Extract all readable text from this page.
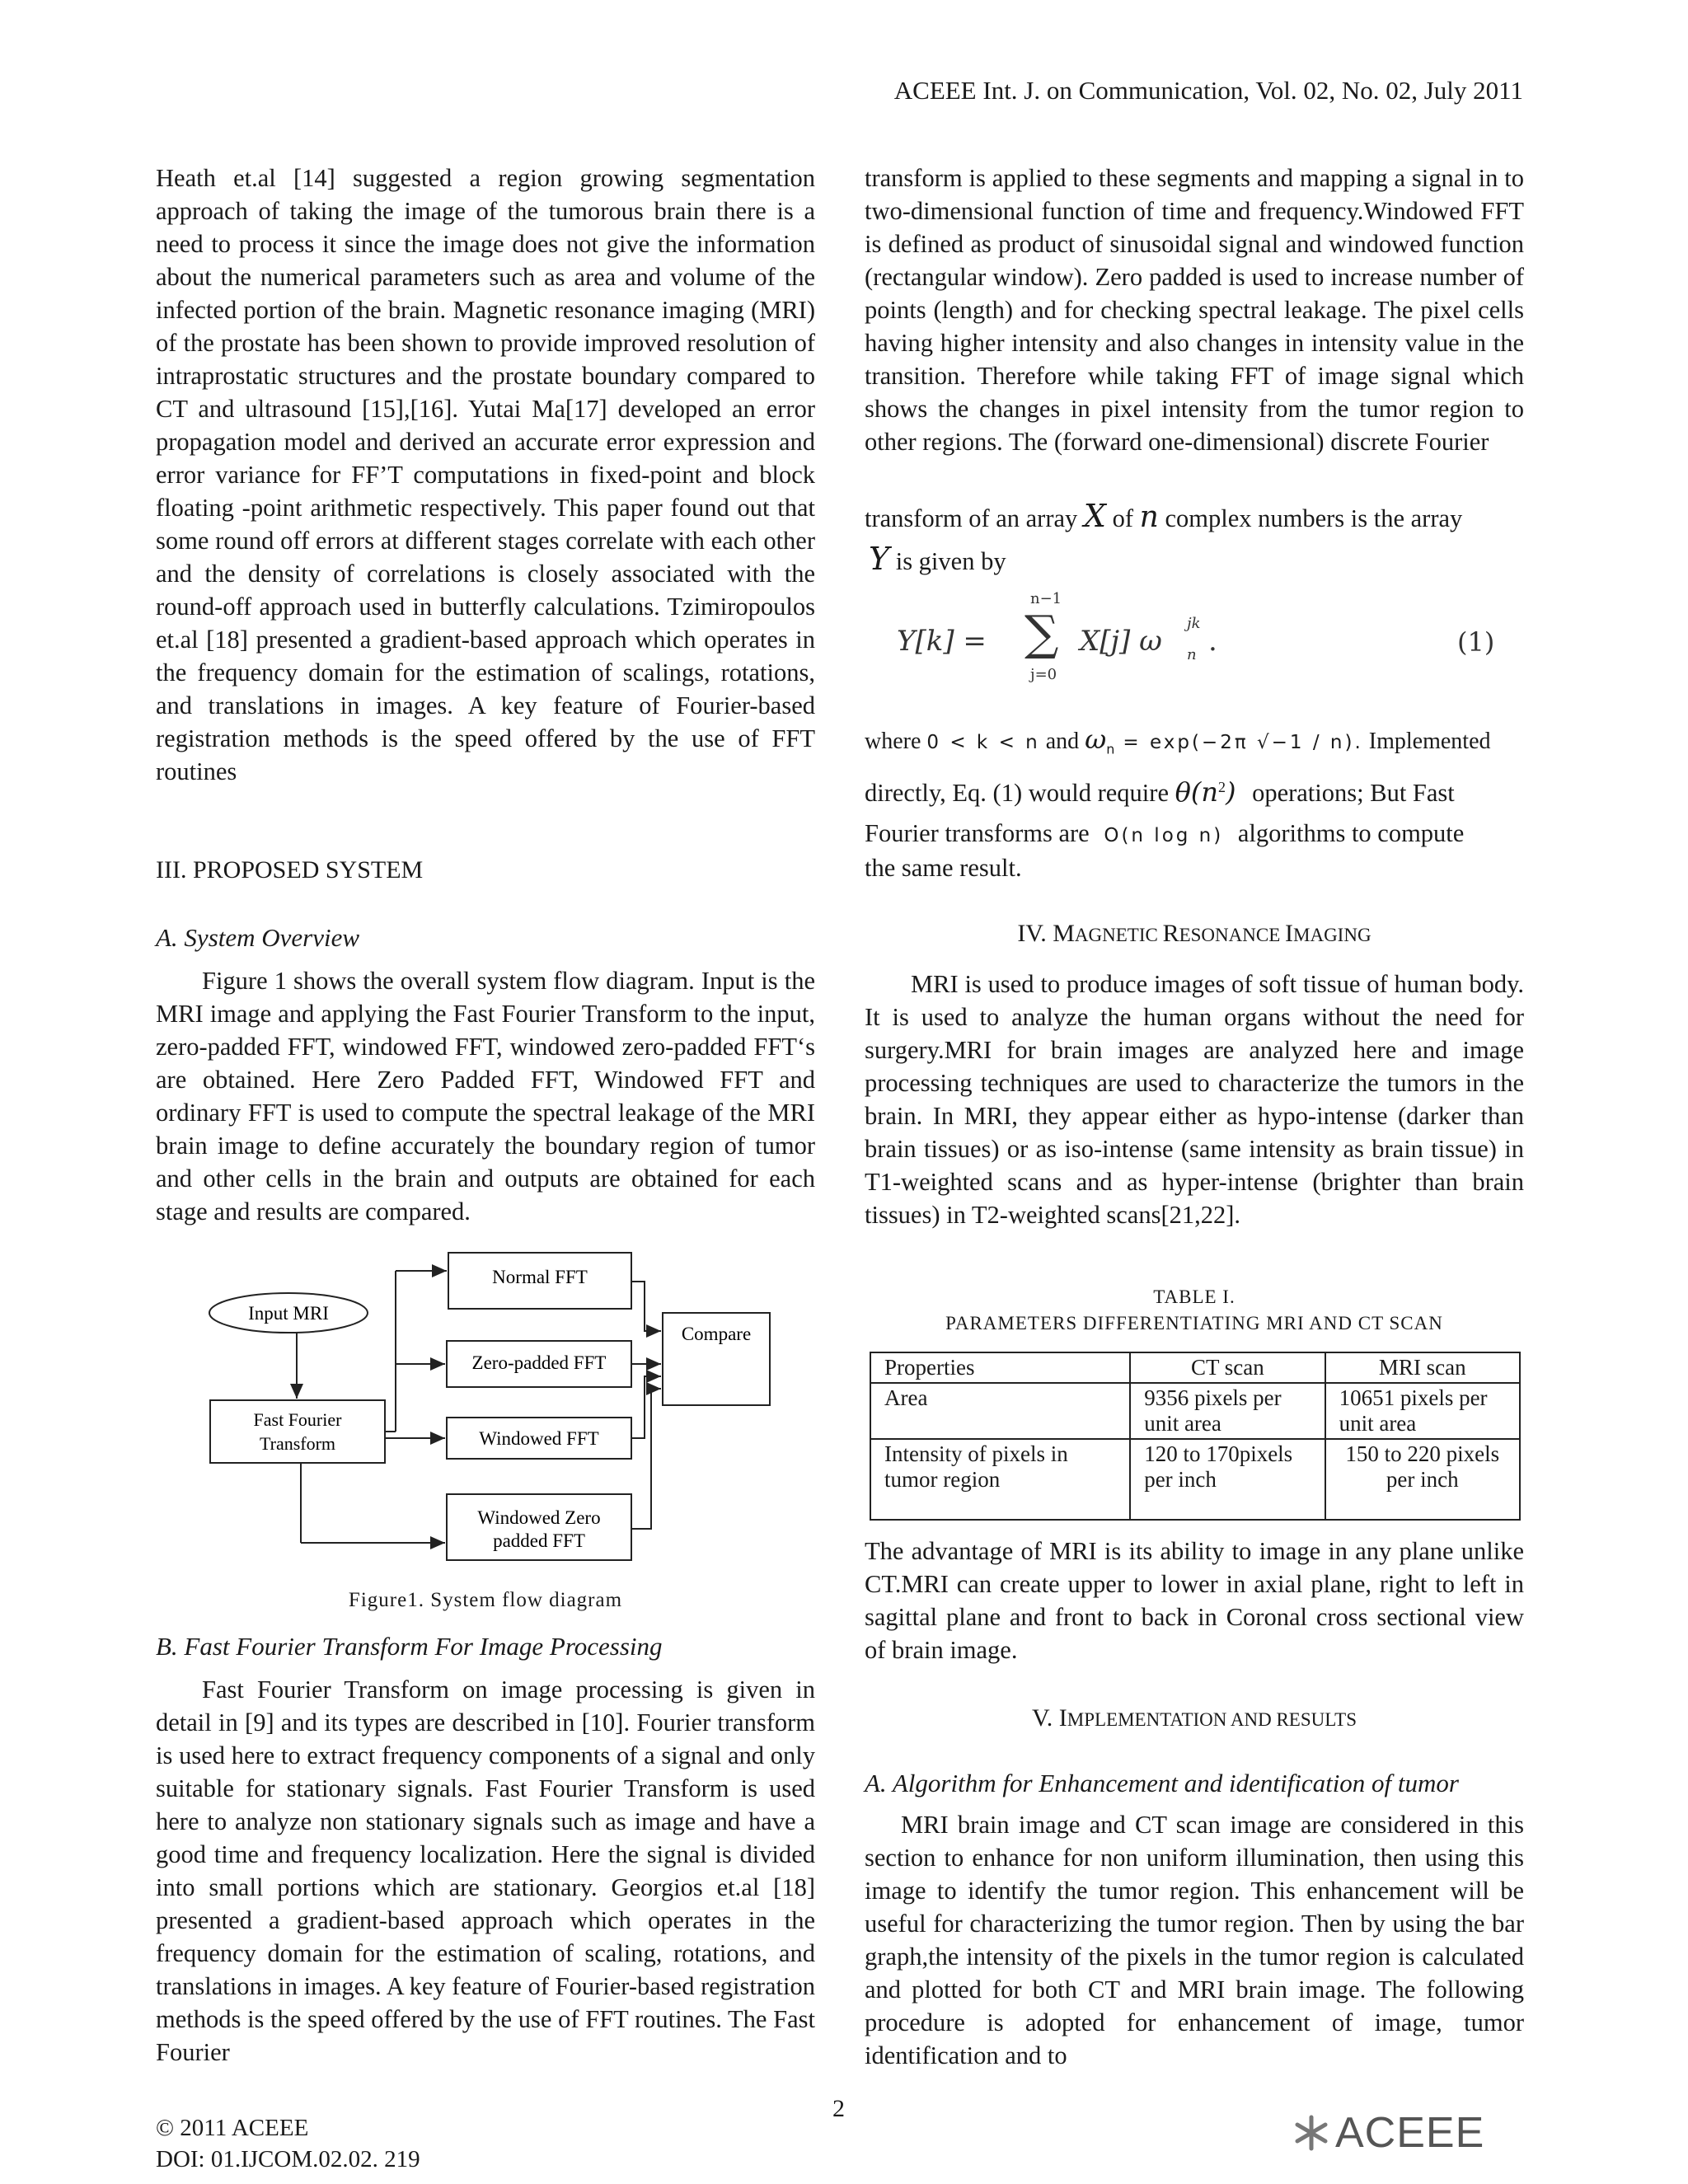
ACEEE Int. J. on Communication, Vol. 02, No. 02, July 2011

Heath et.al [14] suggested a region growing segmentation approach of taking the image of the tumorous brain there is a need to process it since the image does not give the information about the numerical parameters such as area and volume of the infected portion of the brain. Magnetic resonance imaging (MRI) of the prostate has been shown to provide improved resolution of intraprostatic structures and the prostate boundary compared to CT and ultrasound [15],[16]. Yutai Ma[17] developed an error propagation model and derived an accurate error expression and error variance for FF’T computations in fixed-point and block floating -point arithmetic respectively. This paper found out that some round off errors at different stages correlate with each other and the density of correlations is closely associated with the round-off approach used in butterfly calculations. Tzimiropoulos et.al [18] presented a gradient-based approach which operates in the frequency domain for the estimation of scalings, rotations, and translations in images. A key feature of Fourier-based registration methods is the speed offered by the use of FFT routines

III. PROPOSED SYSTEM

A. System Overview

Figure 1 shows the overall system flow diagram. Input is the MRI image and applying the Fast Fourier Transform to the input, zero-padded FFT, windowed FFT, windowed zero-padded FFT‘s are obtained. Here Zero Padded FFT, Windowed FFT and ordinary FFT is used to compute the spectral leakage of the MRI brain image to define accurately the boundary region of tumor and other cells in the brain and outputs are obtained for each stage and results are compared.

Input MRI
Fast Fourier
Transform
Normal FFT
Zero-padded FFT
Windowed FFT
Windowed Zero
padded FFT
Compare
Figure1. System flow diagram

B. Fast Fourier Transform For Image Processing

Fast Fourier Transform on image processing is given in detail in [9] and its types are described in [10]. Fourier transform is used here to extract frequency components of a signal and only suitable for stationary signals. Fast Fourier Transform is used here to analyze non stationary signals such as image and have a good time and frequency localization. Here the signal is divided into small portions which are stationary. Georgios et.al [18] presented a gradient-based approach which operates in the frequency domain for the estimation of scaling, rotations, and translations in images. A key feature of Fourier-based registration methods is the speed offered by the use of FFT routines. The Fast Fourier

transform is applied to these segments and mapping a signal in to two-dimensional function of time and frequency.Windowed FFT is defined as product of sinusoidal signal and windowed function (rectangular window). Zero padded is used to increase number of points (length) and for checking spectral leakage. The pixel cells having higher intensity and also changes in intensity value in the transition. Therefore while taking FFT of image signal which shows the changes in pixel intensity from the tumor region to other regions. The (forward one-dimensional) discrete Fourier

transform of an array X of n complex numbers is the array
Y is given by
Y[k] =
n−1
∑
j=0
X[j] ω
jk
n .	(1)
where 0 < k < n and $\omega_n = \exp(-2\pi$ √−1 / n). Implemented
directly, Eq. (1) would require $\theta(n^2)$ operations; But Fast
Fourier transforms are O(n log n) algorithms to compute
the same result.
IV. MAGNETIC RESONANCE IMAGING

MRI is used to produce images of soft tissue of human body. It is used to analyze the human organs without the need for surgery.MRI for brain images are analyzed here and image processing techniques are used to characterize the tumors in the brain. In MRI, they appear either as hypo-intense (darker than brain tissues) or as iso-intense (same intensity as brain tissue) in T1-weighted scans and as hyper-intense (brighter than brain tissues) in T2-weighted scans[21,22].

TABLE I.
PARAMETERS DIFFERENTIATING MRI AND CT SCAN
Properties	CT scan	MRI scan
Area	9356 pixels per unit area	10651 pixels per unit area
Intensity of pixels in tumor region	120 to 170pixels per inch	150 to 220 pixels per inch

The advantage of MRI is its ability to image in any plane unlike CT.MRI can create upper to lower in axial plane, right to left in sagittal plane and front to back in Coronal cross sectional view of brain image.

V. IMPLEMENTATION AND RESULTS

A. Algorithm for Enhancement and identification of tumor

MRI brain image and CT scan image are considered in this section to enhance for non uniform illumination, then using this image to identify the tumor region. This enhancement will be useful for characterizing the tumor region. Then by using the bar graph,the intensity of the pixels in the tumor region is calculated and plotted for both CT and MRI brain image. The following procedure is adopted for enhancement of image, tumor identification and to

2
© 2011 ACEEE
DOI: 01.IJCOM.02.02. 219
ACEEE
